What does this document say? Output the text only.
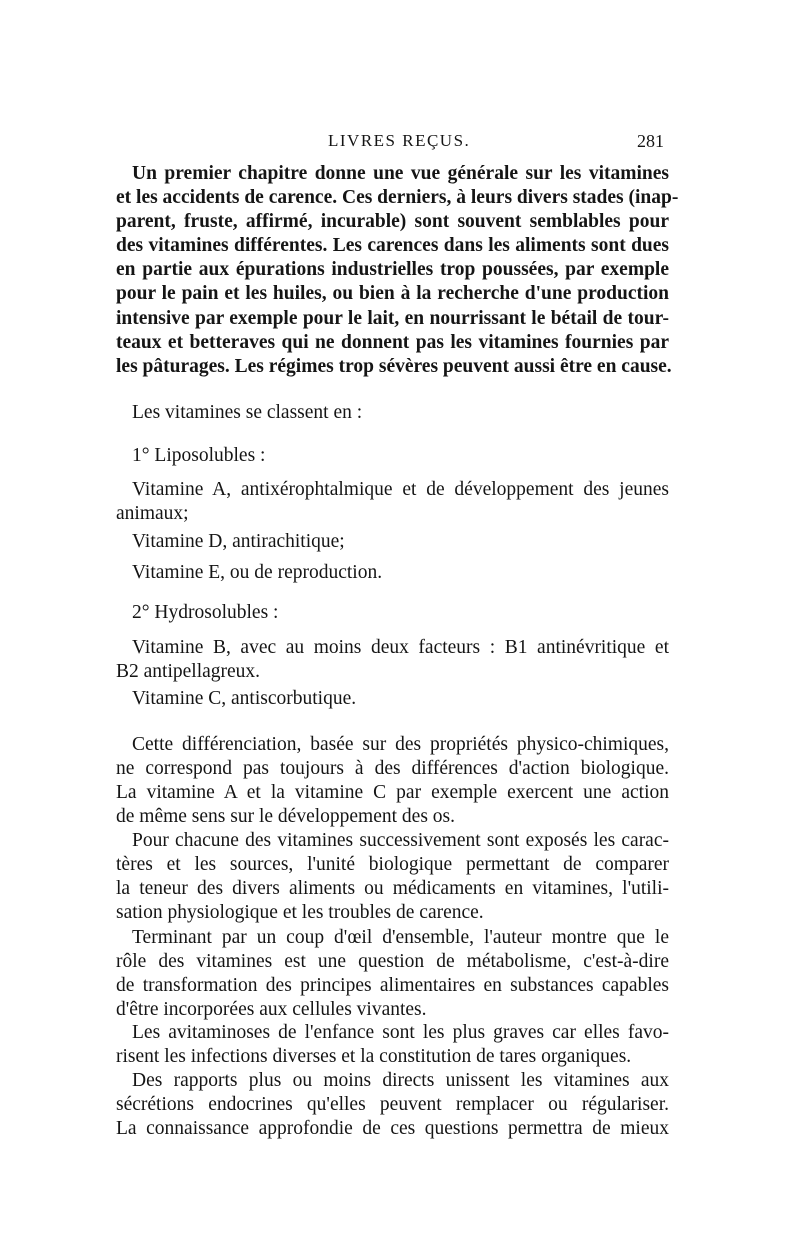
LIVRES REÇUS.	281
Un premier chapitre donne une vue générale sur les vitamines
et les accidents de carence. Ces derniers, à leurs divers stades (inap-
parent, fruste, affirmé, incurable) sont souvent semblables pour
des vitamines différentes. Les carences dans les aliments sont dues
en partie aux épurations industrielles trop poussées, par exemple
pour le pain et les huiles, ou bien à la recherche d'une production
intensive par exemple pour le lait, en nourrissant le bétail de tour-
teaux et betteraves qui ne donnent pas les vitamines fournies par
les pâturages. Les régimes trop sévères peuvent aussi être en cause.
Les vitamines se classent en :
1° Liposolubles :
Vitamine A, antixérophtalmique et de développement des jeunes
animaux;
Vitamine D, antirachitique;
Vitamine E, ou de reproduction.
2° Hydrosolubles :
Vitamine B, avec au moins deux facteurs : B1 antinévritique et
B2 antipellagreux.
Vitamine C, antiscorbutique.
Cette différenciation, basée sur des propriétés physico-chimiques,
ne correspond pas toujours à des différences d'action biologique.
La vitamine A et la vitamine C par exemple exercent une action
de même sens sur le développement des os.
Pour chacune des vitamines successivement sont exposés les carac-
tères et les sources, l'unité biologique permettant de comparer
la teneur des divers aliments ou médicaments en vitamines, l'utili-
sation physiologique et les troubles de carence.
Terminant par un coup d'œil d'ensemble, l'auteur montre que le
rôle des vitamines est une question de métabolisme, c'est-à-dire
de transformation des principes alimentaires en substances capables
d'être incorporées aux cellules vivantes.
Les avitaminoses de l'enfance sont les plus graves car elles favo-
risent les infections diverses et la constitution de tares organiques.
Des rapports plus ou moins directs unissent les vitamines aux
sécrétions endocrines qu'elles peuvent remplacer ou régulariser.
La connaissance approfondie de ces questions permettra de mieux
